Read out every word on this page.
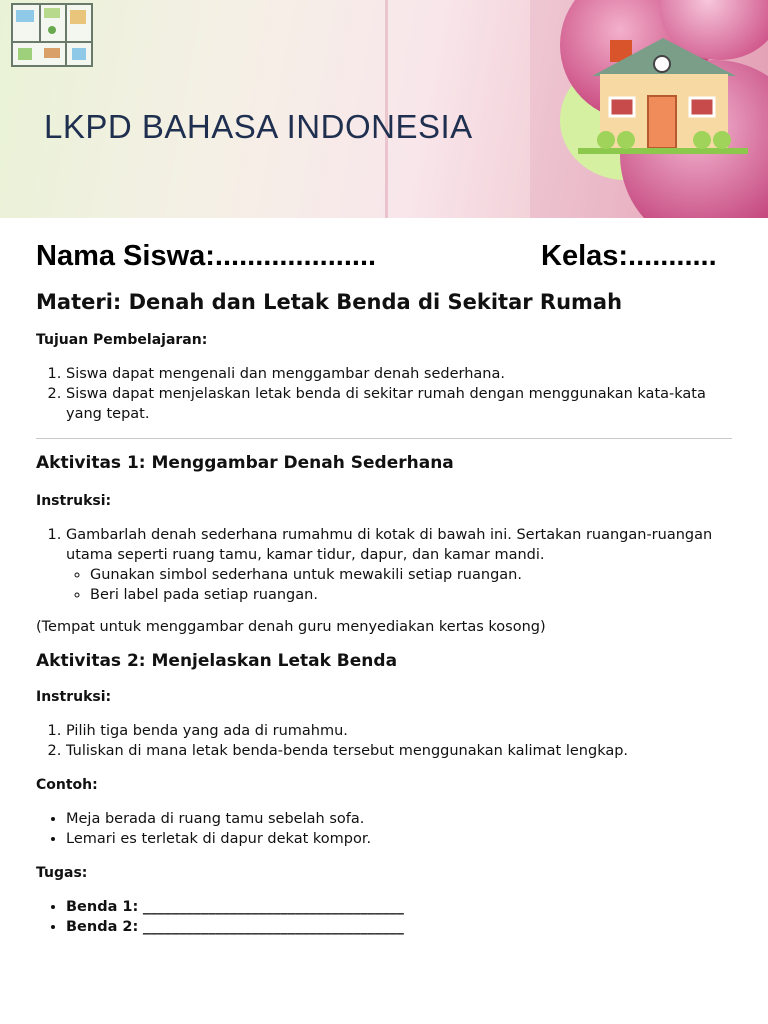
LKPD BAHASA INDONESIA
Nama Siswa:....................	Kelas:...........
Materi: Denah dan Letak Benda di Sekitar Rumah

Tujuan Pembelajaran:

1. Siswa dapat mengenali dan menggambar denah sederhana.
2. Siswa dapat menjelaskan letak benda di sekitar rumah dengan menggunakan kata-kata yang tepat.
Aktivitas 1: Menggambar Denah Sederhana

Instruksi:

1. Gambarlah denah sederhana rumahmu di kotak di bawah ini. Sertakan ruangan-ruangan utama seperti ruang tamu, kamar tidur, dapur, dan kamar mandi.
◦ Gunakan simbol sederhana untuk mewakili setiap ruangan.
◦ Beri label pada setiap ruangan.

(Tempat untuk menggambar denah guru menyediakan kertas kosong)

Aktivitas 2: Menjelaskan Letak Benda

Instruksi:

1. Pilih tiga benda yang ada di rumahmu.
2. Tuliskan di mana letak benda-benda tersebut menggunakan kalimat lengkap.

Contoh:

• Meja berada di ruang tamu sebelah sofa.
• Lemari es terletak di dapur dekat kompor.

Tugas:

• Benda 1: ____________________________________
• Benda 2: ____________________________________
